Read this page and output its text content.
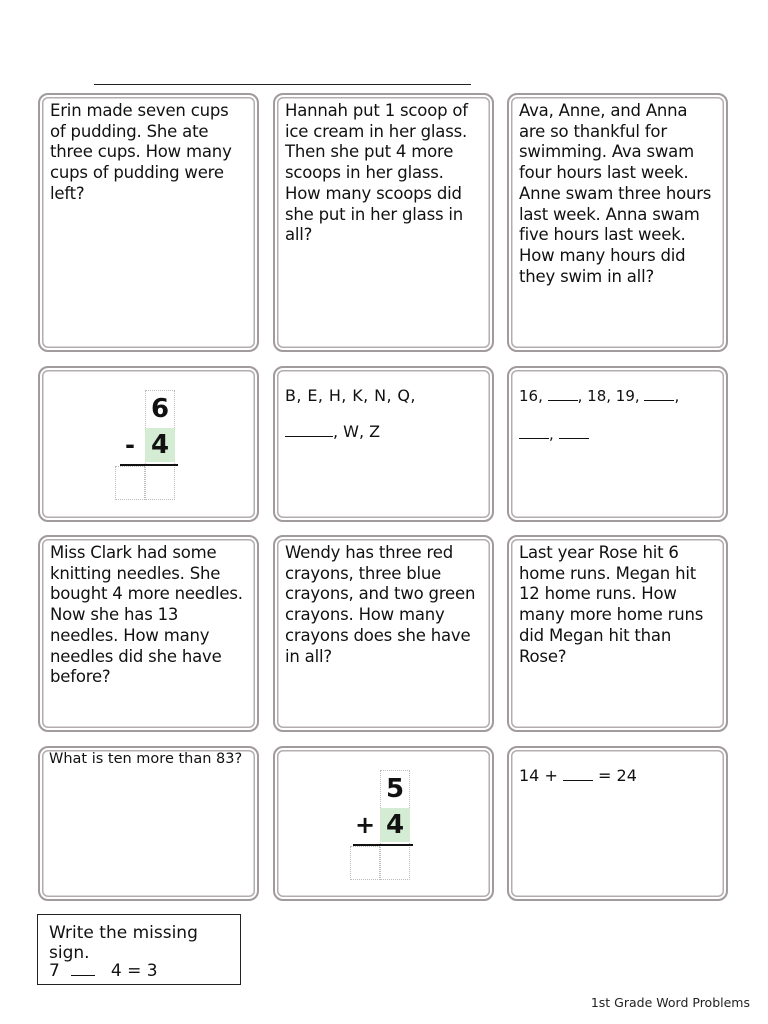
Erin made seven cups of pudding. She ate three cups. How many cups of pudding were left?
Hannah put 1 scoop of ice cream in her glass. Then she put 4 more scoops in her glass. How many scoops did she put in her glass in all?
Ava, Anne, and Anna are so thankful for swimming. Ava swam four hours last week. Anne swam three hours last week. Anna swam five hours last week. How many hours did they swim in all?
6
- 4
B, E, H, K, N, Q,
, W, Z
16, , 18, 19, ,
,
Miss Clark had some knitting needles. She bought 4 more needles. Now she has 13 needles. How many needles did she have before?
Wendy has three red crayons, three blue crayons, and two green crayons. How many crayons does she have in all?
Last year Rose hit 6 home runs. Megan hit 12 home runs. How many more home runs did Megan hit than Rose?
What is ten more than 83?
5
+ 4
14 +	= 24
Write the missing sign.
7	4 = 3
1st Grade Word Problems
